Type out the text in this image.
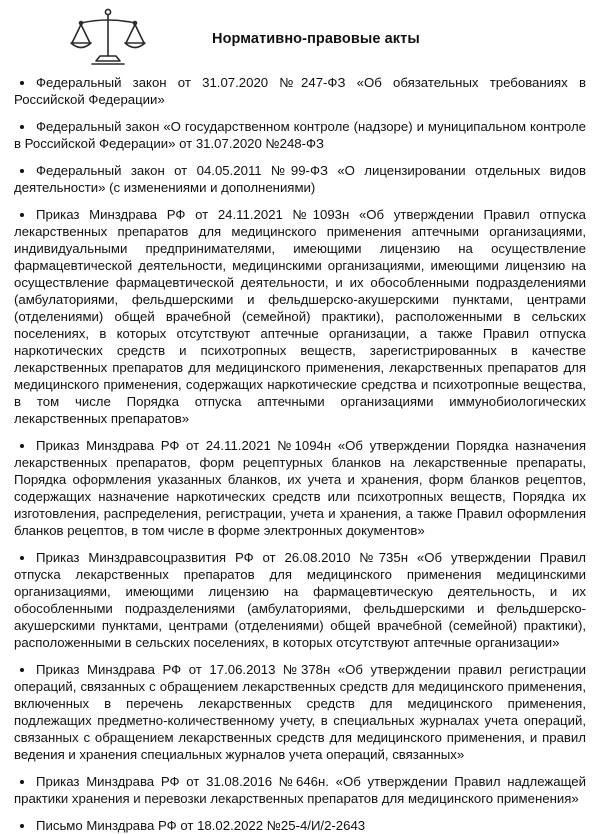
Нормативно-правовые акты
Федеральный закон от 31.07.2020 №247-ФЗ «Об обязательных требованиях в Российской Федерации»
Федеральный закон «О государственном контроле (надзоре) и муниципальном контроле в Российской Федерации» от 31.07.2020 №248-ФЗ
Федеральный закон от 04.05.2011 №99-ФЗ «О лицензировании отдельных видов деятельности» (с изменениями и дополнениями)
Приказ Минздрава РФ от 24.11.2021 №1093н «Об утверждении Правил отпуска лекарственных препаратов для медицинского применения аптечными организациями, индивидуальными предпринимателями, имеющими лицензию на осуществление фармацевтической деятельности, медицинскими организациями, имеющими лицензию на осуществление фармацевтической деятельности, и их обособленными подразделениями (амбулаториями, фельдшерскими и фельдшерско-акушерскими пунктами, центрами (отделениями) общей врачебной (семейной) практики), расположенными в сельских поселениях, в которых отсутствуют аптечные организации, а также Правил отпуска наркотических средств и психотропных веществ, зарегистрированных в качестве лекарственных препаратов для медицинского применения, лекарственных препаратов для медицинского применения, содержащих наркотические средства и психотропные вещества, в том числе Порядка отпуска аптечными организациями иммунобиологических лекарственных препаратов»
Приказ Минздрава РФ от 24.11.2021 №1094н «Об утверждении Порядка назначения лекарственных препаратов, форм рецептурных бланков на лекарственные препараты, Порядка оформления указанных бланков, их учета и хранения, форм бланков рецептов, содержащих назначение наркотических средств или психотропных веществ, Порядка их изготовления, распределения, регистрации, учета и хранения, а также Правил оформления бланков рецептов, в том числе в форме электронных документов»
Приказ Минздравсоцразвития РФ от 26.08.2010 №735н «Об утверждении Правил отпуска лекарственных препаратов для медицинского применения медицинскими организациями, имеющими лицензию на фармацевтическую деятельность, и их обособленными подразделениями (амбулаториями, фельдшерскими и фельдшерско-акушерскими пунктами, центрами (отделениями) общей врачебной (семейной) практики), расположенными в сельских поселениях, в которых отсутствуют аптечные организации»
Приказ Минздрава РФ от 17.06.2013 №378н «Об утверждении правил регистрации операций, связанных с обращением лекарственных средств для медицинского применения, включенных в перечень лекарственных средств для медицинского применения, подлежащих предметно-количественному учету, в специальных журналах учета операций, связанных с обращением лекарственных средств для медицинского применения, и правил ведения и хранения специальных журналов учета операций, связанных»
Приказ Минздрава РФ от 31.08.2016 №646н. «Об утверждении Правил надлежащей практики хранения и перевозки лекарственных препаратов для медицинского применения»
Письмо Минздрава РФ от 18.02.2022 №25-4/И/2-2643
